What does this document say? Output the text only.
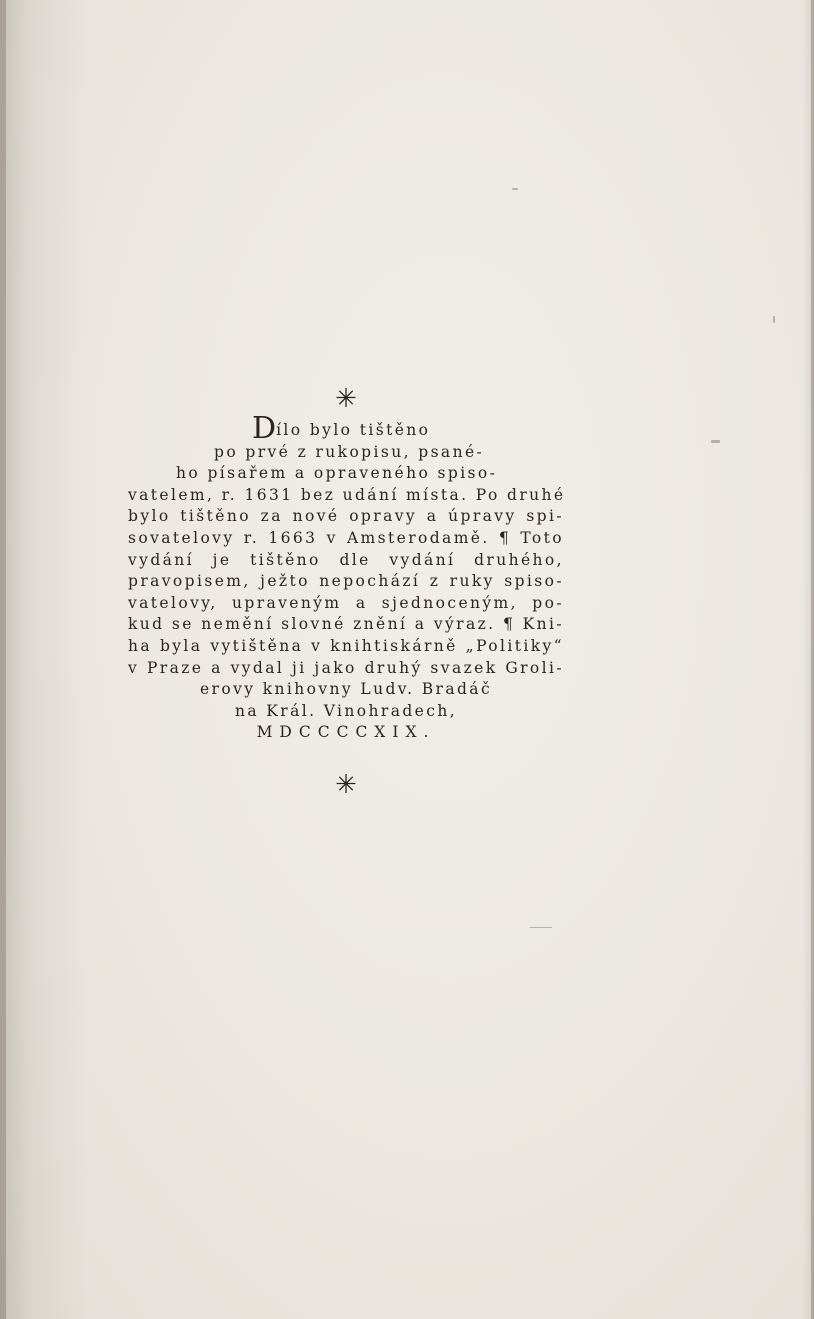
✳
Dílo bylo tištěno
po prvé z rukopisu, psané-
ho písařem a opraveného spiso-
vatelem, r. 1631 bez udání místa. Po druhé
bylo tištěno za nové opravy a úpravy spi-
sovatelovy r. 1663 v Amsterodamě. ¶ Toto
vydání je tištěno dle vydání druhého,
pravopisem, ježto nepochází z ruky spiso-
vatelovy, upraveným a sjednoceným, po-
kud se nemění slovné znění a výraz. ¶ Kni-
ha byla vytištěna v knihtiskárně „Politiky“
v Praze a vydal ji jako druhý svazek Groli-
erovy knihovny Ludv. Bradáč
na Král. Vinohradech,
MDCCCCXIX.
✳
